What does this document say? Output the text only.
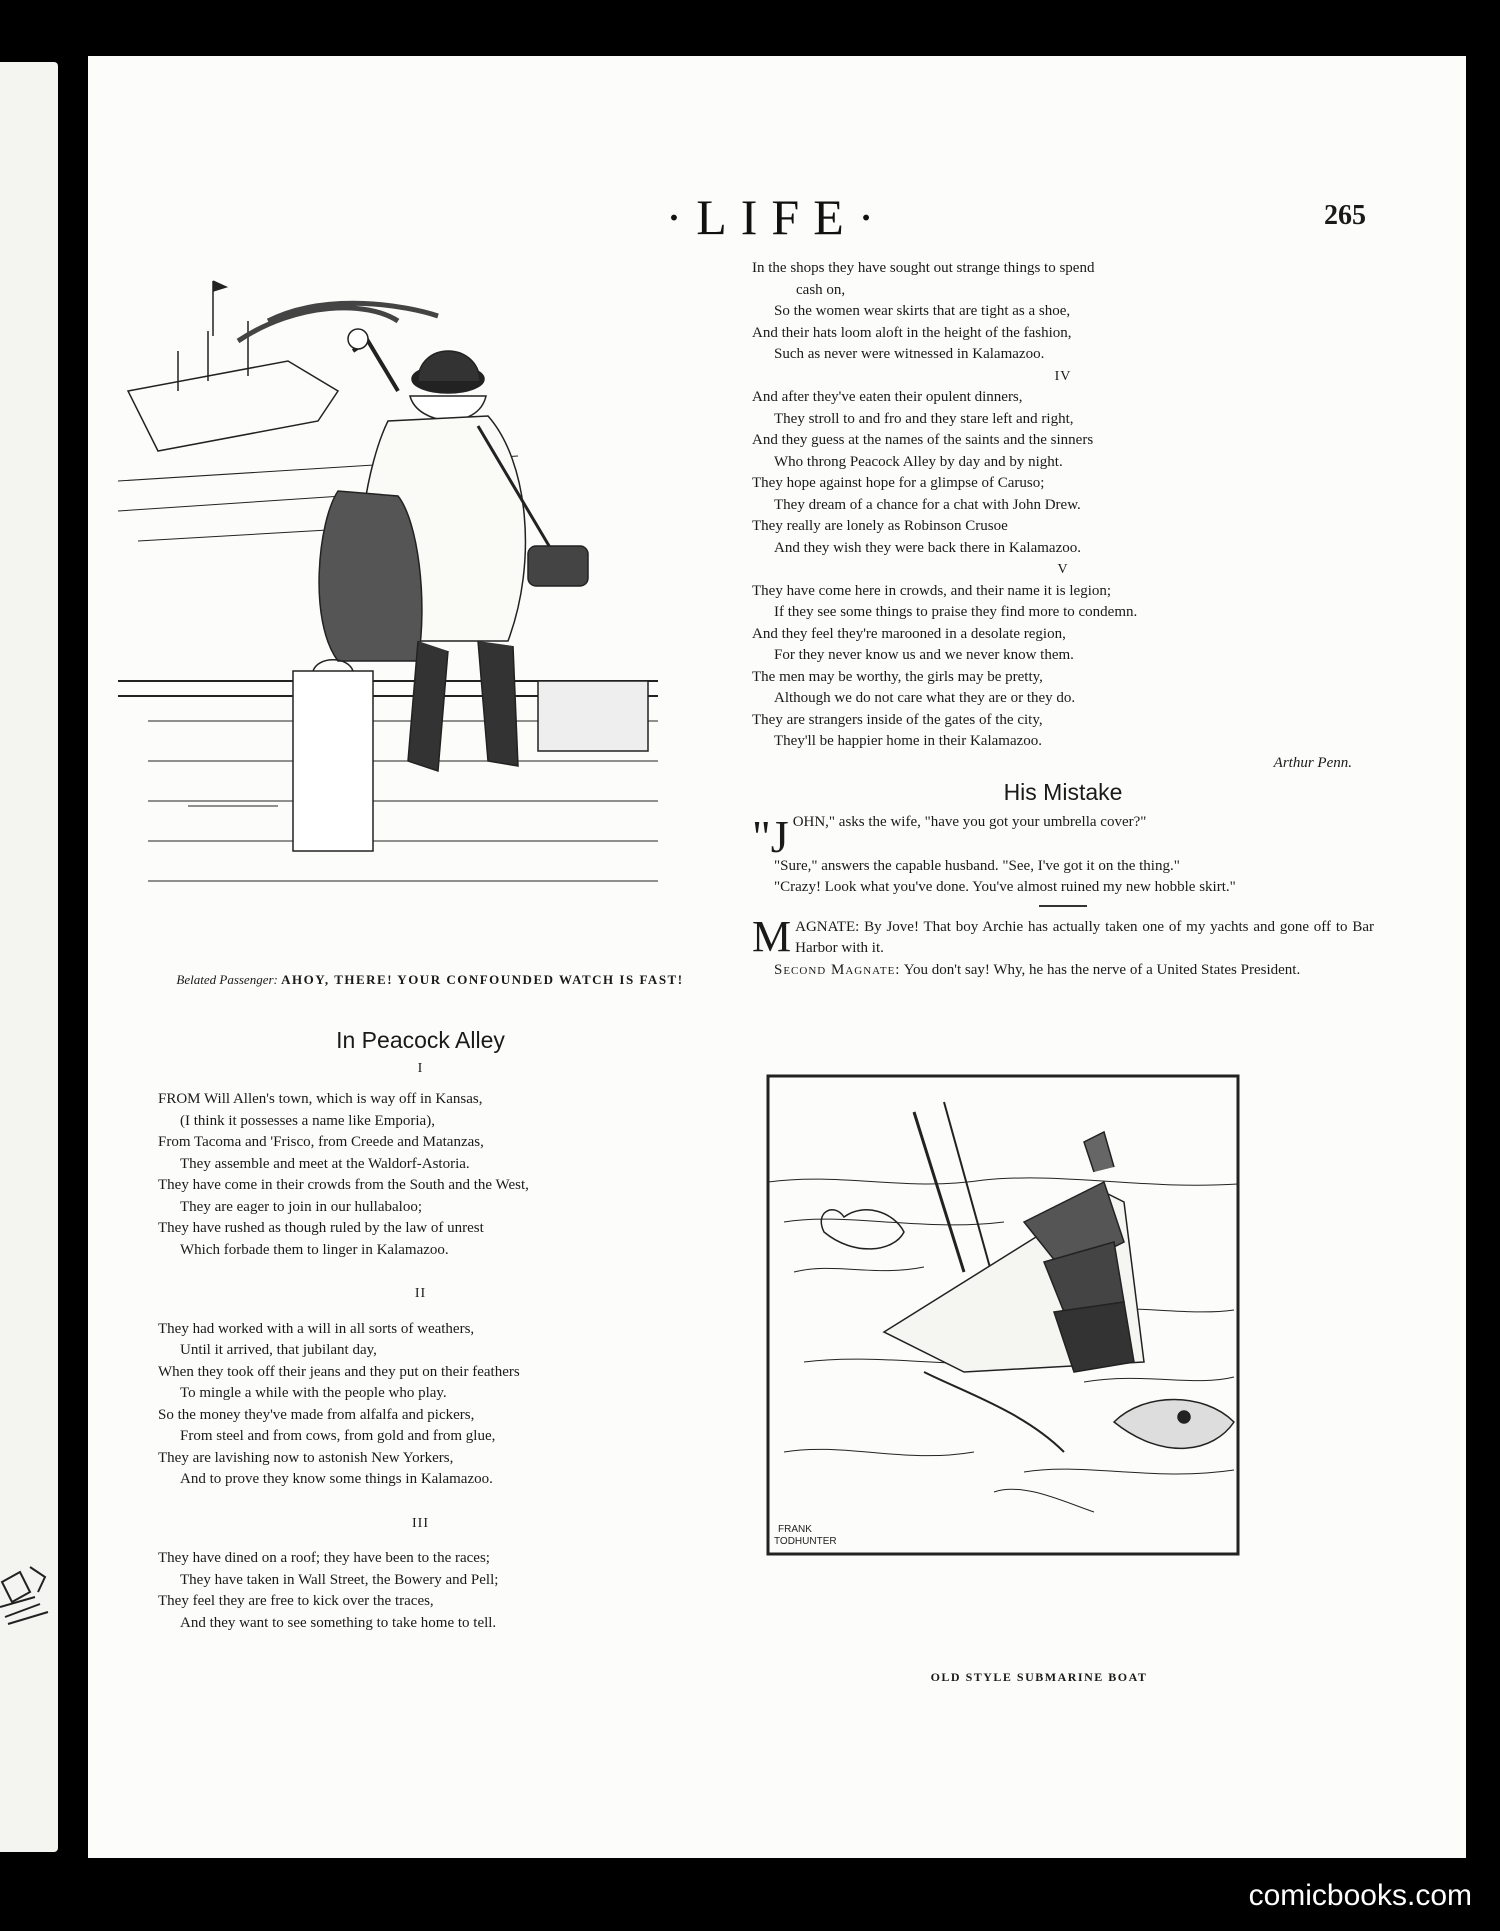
·LIFE·	265
Belated Passenger: AHOY, THERE! YOUR CONFOUNDED WATCH IS FAST!
In Peacock Alley
I
FROM Will Allen's town, which is way off in Kansas,
(I think it possesses a name like Emporia),
From Tacoma and 'Frisco, from Creede and Matanzas,
They assemble and meet at the Waldorf-Astoria.
They have come in their crowds from the South and the West,
They are eager to join in our hullabaloo;
They have rushed as though ruled by the law of unrest
Which forbade them to linger in Kalamazoo.
II
They had worked with a will in all sorts of weathers,
Until it arrived, that jubilant day,
When they took off their jeans and they put on their feathers
To mingle a while with the people who play.
So the money they've made from alfalfa and pickers,
From steel and from cows, from gold and from glue,
They are lavishing now to astonish New Yorkers,
And to prove they know some things in Kalamazoo.
III
They have dined on a roof; they have been to the races;
They have taken in Wall Street, the Bowery and Pell;
They feel they are free to kick over the traces,
And they want to see something to take home to tell.
In the shops they have sought out strange things to spend
cash on,
So the women wear skirts that are tight as a shoe,
And their hats loom aloft in the height of the fashion,
Such as never were witnessed in Kalamazoo.
IV
And after they've eaten their opulent dinners,
They stroll to and fro and they stare left and right,
And they guess at the names of the saints and the sinners
Who throng Peacock Alley by day and by night.
They hope against hope for a glimpse of Caruso;
They dream of a chance for a chat with John Drew.
They really are lonely as Robinson Crusoe
And they wish they were back there in Kalamazoo.
V
They have come here in crowds, and their name it is legion;
If they see some things to praise they find more to condemn.
And they feel they're marooned in a desolate region,
For they never know us and we never know them.
The men may be worthy, the girls may be pretty,
Although we do not care what they are or they do.
They are strangers inside of the gates of the city,
They'll be happier home in their Kalamazoo.
Arthur Penn.
His Mistake
"J OHN," asks the wife, "have you got your umbrella cover?"
"Sure," answers the capable husband. "See, I've got it on the thing."
"Crazy! Look what you've done. You've almost ruined my new hobble skirt."
M AGNATE: By Jove! That boy Archie has actually taken one of my yachts and gone off to Bar Harbor with it.
Second Magnate: You don't say! Why, he has the nerve of a United States President.
FRANK
TODHUNTER
OLD STYLE SUBMARINE BOAT
comicbooks.com
